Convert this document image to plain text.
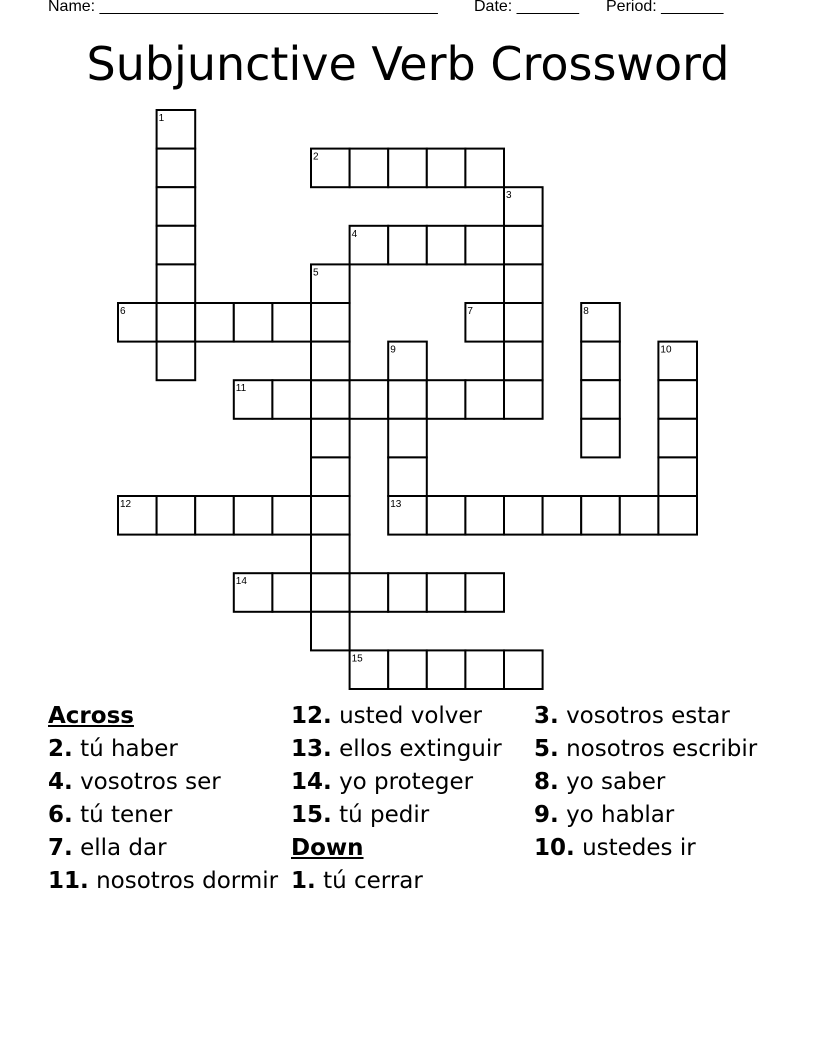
Name: ______________________________________ Date: _______ Period: _______
Subjunctive Verb Crossword
1
2
3
4
5
6	7	8
9	10
11
12	13
14
15
Across
2. tú haber
4. vosotros ser
6. tú tener
7. ella dar
11. nosotros dormir
12. usted volver
13. ellos extinguir
14. yo proteger
15. tú pedir
Down
1. tú cerrar
3. vosotros estar
5. nosotros escribir
8. yo saber
9. yo hablar
10. ustedes ir
